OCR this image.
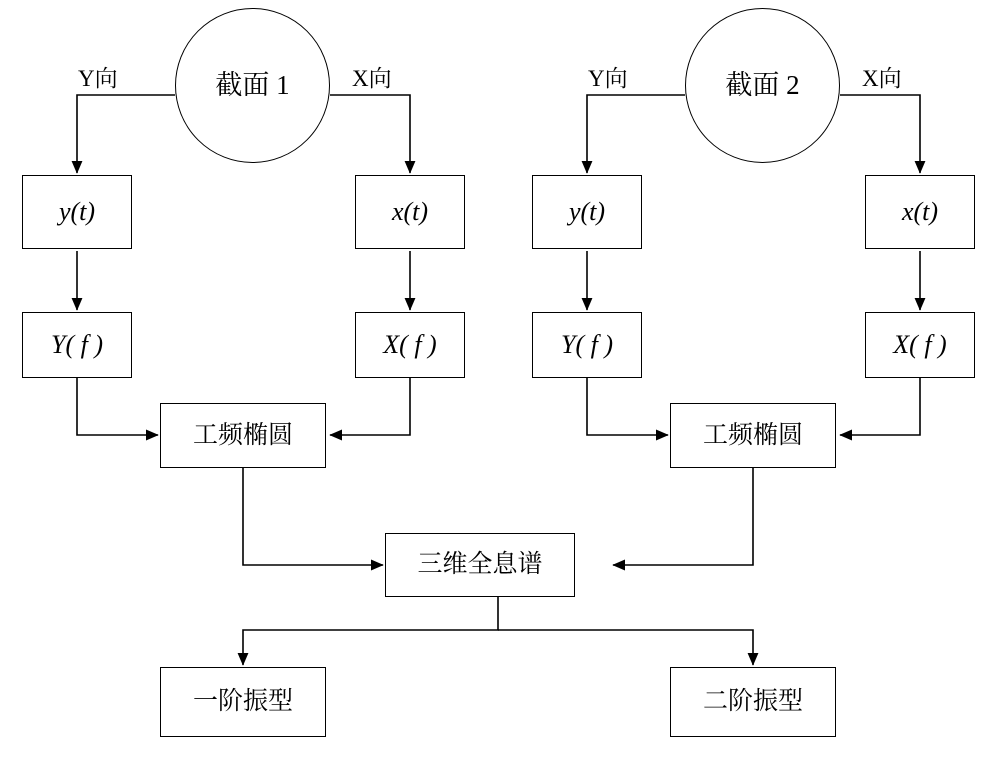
截面 1
Y向	X向
y(t)	x(t)
Y( f )	X( f )
工频椭圆
截面 2
Y向	X向
y(t)	x(t)
Y( f )	X( f )
工频椭圆
三维全息谱
一阶振型	二阶振型
